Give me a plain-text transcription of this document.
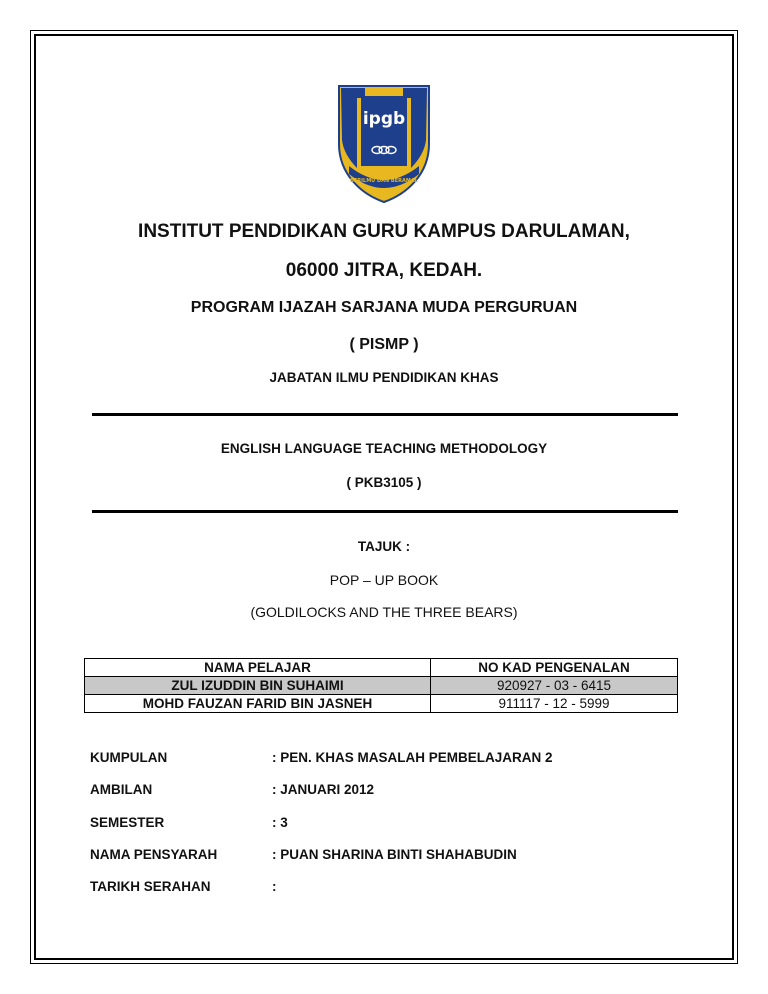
ipgb
BERILMU DAN BERAMAL
INSTITUT PENDIDIKAN GURU KAMPUS DARULAMAN,
06000 JITRA, KEDAH.
PROGRAM IJAZAH SARJANA MUDA PERGURUAN
( PISMP )
JABATAN ILMU PENDIDIKAN KHAS
ENGLISH LANGUAGE TEACHING METHODOLOGY
( PKB3105 )
TAJUK :
POP – UP BOOK
(GOLDILOCKS AND THE THREE BEARS)
NAMA PELAJAR	NO KAD PENGENALAN
ZUL IZUDDIN BIN SUHAIMI	920927 - 03 - 6415
MOHD FAUZAN FARID BIN JASNEH	911117 - 12 - 5999
KUMPULAN	: PEN. KHAS MASALAH PEMBELAJARAN 2
AMBILAN	: JANUARI 2012
SEMESTER	: 3
NAMA PENSYARAH	: PUAN SHARINA BINTI SHAHABUDIN
TARIKH SERAHAN	:
